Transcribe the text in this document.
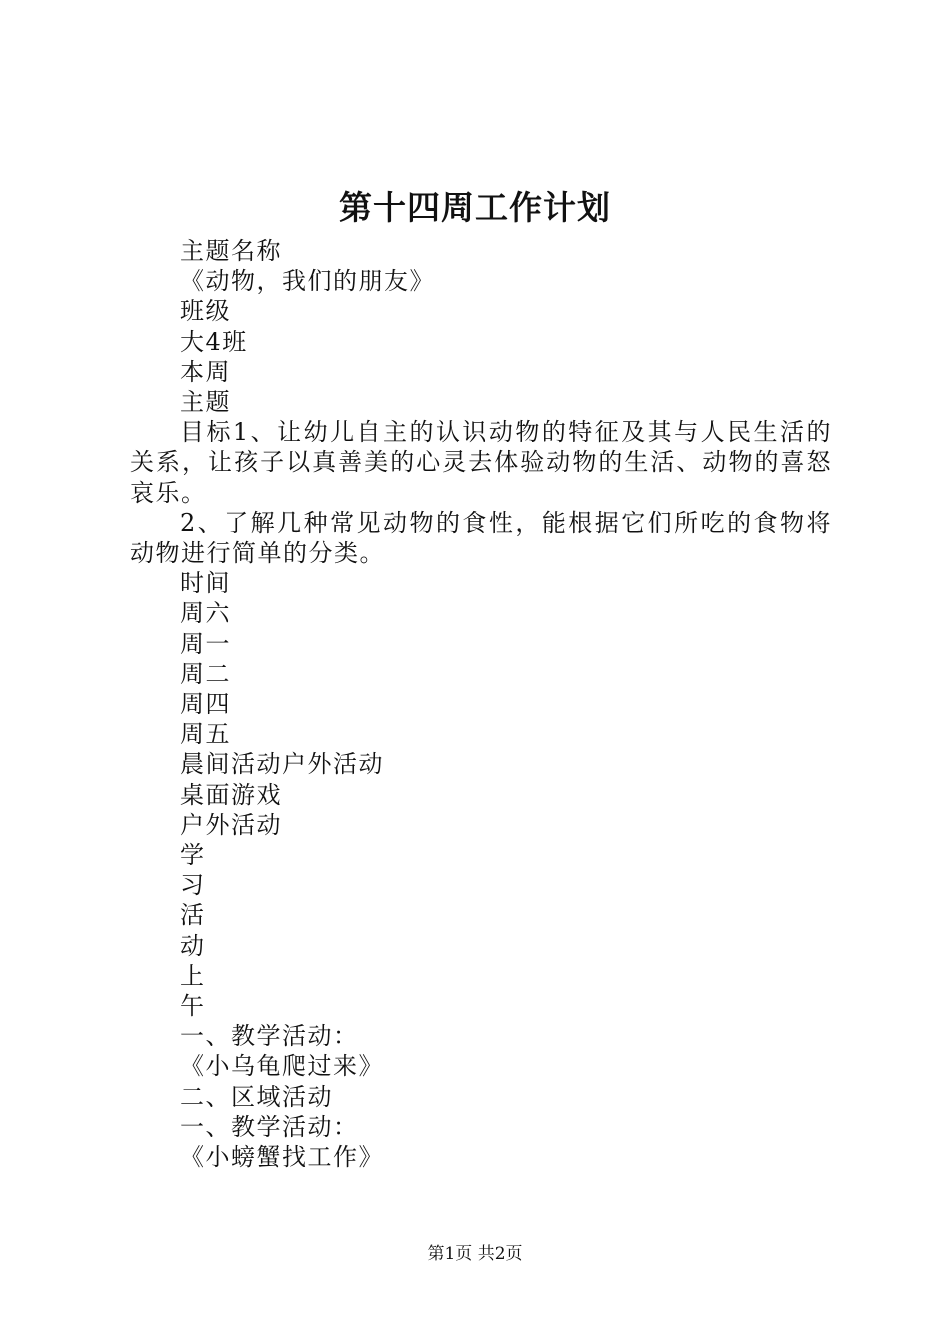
第十四周工作计划
主题名称
《动物，我们的朋友》
班级
大4班
本周
主题

目标1、让幼儿自主的认识动物的特征及其与人民生活的关系，让孩子以真善美的心灵去体验动物的生活、动物的喜怒哀乐。

2、了解几种常见动物的食性，能根据它们所吃的食物将动物进行简单的分类。

时间
周六
周一
周二
周四
周五
晨间活动户外活动
桌面游戏
户外活动
学
习
活
动
上
午
一、教学活动：
《小乌龟爬过来》
二、区域活动
一、教学活动：
《小螃蟹找工作》
第1页 共2页
